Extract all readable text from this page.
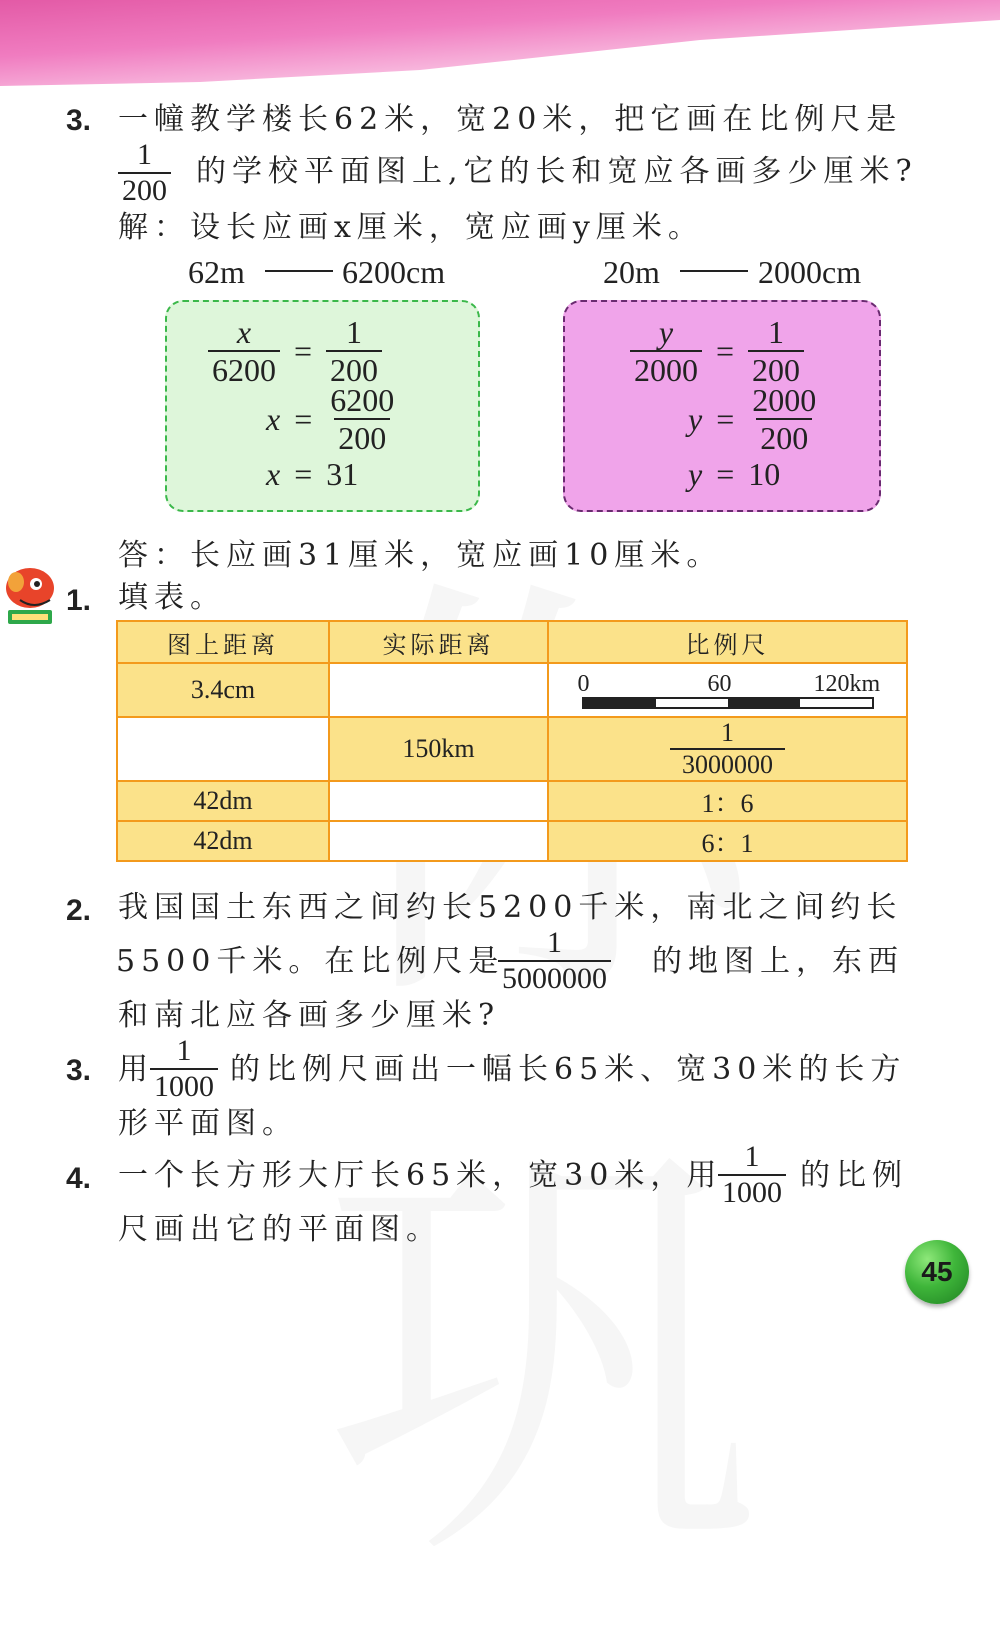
3. 一幢教学楼长62米，宽20米，把它画在比例尺是
$\frac{1}{200}$ 的学校平面图上,它的长和宽应各画多少厘米?
解：设长应画x厘米，宽应画y厘米。
62m	6200cm	20m	2000cm
$\frac{x}{6200} = \frac{1}{200}$
$x = \frac{6200}{200}$
x = 31
$\frac{y}{2000} = \frac{1}{200}$
$y = \frac{2000}{200}$
y = 10
答：长应画31厘米，宽应画10厘米。
1. 填表。
图上距离	实际距离	比例尺
3.4cm		0 60 120km

	150km	$\frac{1}{3000000}$

42dm		1：6
42dm		6：1
2. 我国国土东西之间约长5200千米，南北之间约长
5500千米。在比例尺是
$\frac{1}{5000000}$ 的地图上，东西
和南北应各画多少厘米?
3. 用
$\frac{1}{1000}$ 的比例尺画出一幅长65米、宽30米的长方
形平面图。
4. 一个长方形大厅长65米，宽30米，用
$\frac{1}{1000}$ 的比例
尺画出它的平面图。
45
